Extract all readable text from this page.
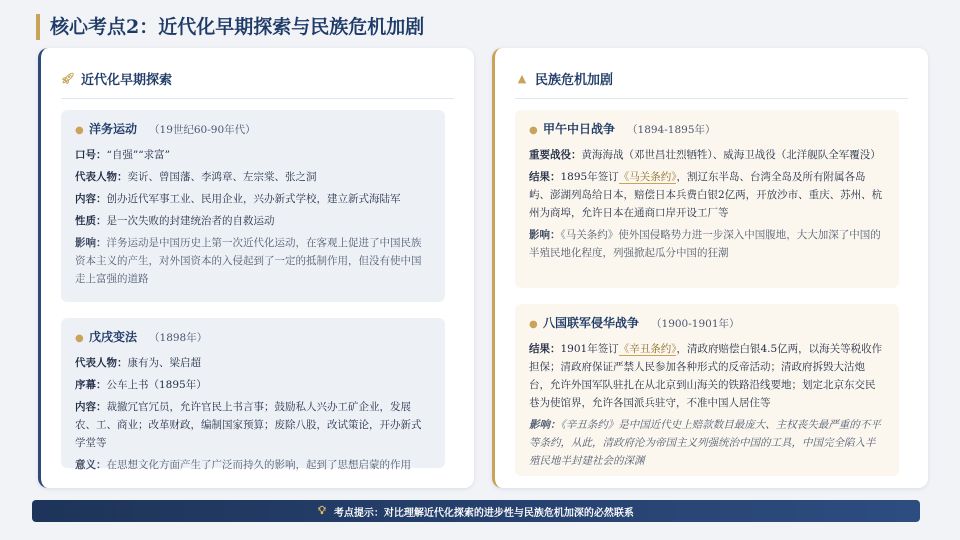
核心考点2：近代化早期探索与民族危机加剧
🚀︎ 近代化早期探索
● 洋务运动 （19世纪60-90年代）
口号：“自强”“求富”
代表人物：奕䜣、曾国藩、李鸿章、左宗棠、张之洞
内容：创办近代军事工业、民用企业，兴办新式学校，建立新式海陆军
性质：是一次失败的封建统治者的自救运动
影响：洋务运动是中国历史上第一次近代化运动，在客观上促进了中国民族资本主义的产生，对外国资本的入侵起到了一定的抵制作用，但没有使中国走上富强的道路
● 戊戌变法 （1898年）
代表人物：康有为、梁启超
序幕：公车上书（1895年）
内容：裁撤冗官冗员，允许官民上书言事；鼓励私人兴办工矿企业，发展农、工、商业；改革财政，编制国家预算；废除八股，改试策论，开办新式学堂等
意义：在思想文化方面产生了广泛而持久的影响，起到了思想启蒙的作用
▲ 民族危机加剧
● 甲午中日战争 （1894-1895年）
重要战役：黄海海战（邓世昌壮烈牺牲）、威海卫战役（北洋舰队全军覆没）
结果：1895年签订《马关条约》，割辽东半岛、台湾全岛及所有附属各岛屿、澎湖列岛给日本，赔偿日本兵费白银2亿两，开放沙市、重庆、苏州、杭州为商埠，允许日本在通商口岸开设工厂等
影响：《马关条约》使外国侵略势力进一步深入中国腹地，大大加深了中国的半殖民地化程度，列强掀起瓜分中国的狂潮
● 八国联军侵华战争 （1900-1901年）
结果：1901年签订《辛丑条约》，清政府赔偿白银4.5亿两，以海关等税收作担保；清政府保证严禁人民参加各种形式的反帝活动；清政府拆毁大沽炮台，允许外国军队驻扎在从北京到山海关的铁路沿线要地；划定北京东交民巷为使馆界，允许各国派兵驻守，不准中国人居住等
影响：《辛丑条约》是中国近代史上赔款数目最庞大、主权丧失最严重的不平等条约，从此，清政府沦为帝国主义列强统治中国的工具，中国完全陷入半殖民地半封建社会的深渊
💡︎ 考点提示：对比理解近代化探索的进步性与民族危机加深的必然联系
